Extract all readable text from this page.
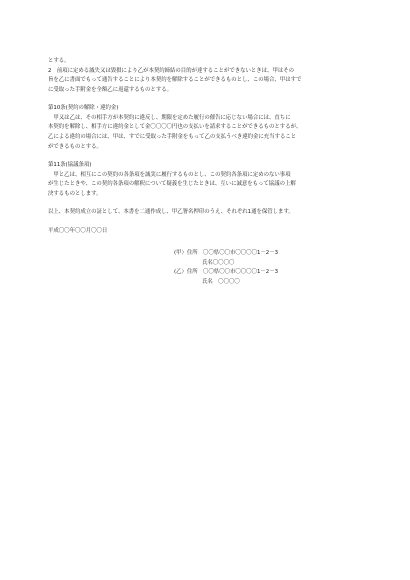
とする。
2　前項に定める滅失又は毀損により乙が本契約締結の目的が達することができないときは、甲はその
旨を乙に書面でもって通告することにより本契約を解除することができるものとし、この場合、甲はすで
に受取った手附金を全額乙に返還するものとする。
第10条(契約の解除・違約金)
　甲又は乙は、その相手方が本契約に違反し、期限を定めた履行の催告に応じない場合には、直ちに
本契約を解除し、相手方に違約金として金〇〇〇〇円也の支払いを請求することができるものとするが、
乙による違約の場合には、甲は、すでに受取った手附金をもって乙の支払うべき違約金に充当すること
ができるものとする。
第11条(協議条項)
　甲と乙は、相互にこの契約の各条項を誠実に履行するものとし、この契約各条項に定めのない事項
が生じたときや、この契約各条項の解釈について疑義を生じたときは、互いに誠意をもって協議の上解
決するものとします。
以上、本契約成立の証として、本書を二通作成し、甲乙署名押印のうえ、それぞれ1通を保管します。
平成〇〇年〇〇月〇〇日
(甲）住所　〇〇県〇〇市〇〇〇〇1－2－3
氏名〇〇〇〇
(乙）住所　〇〇県〇〇市〇〇〇〇1－2－3
氏名　〇〇〇〇
